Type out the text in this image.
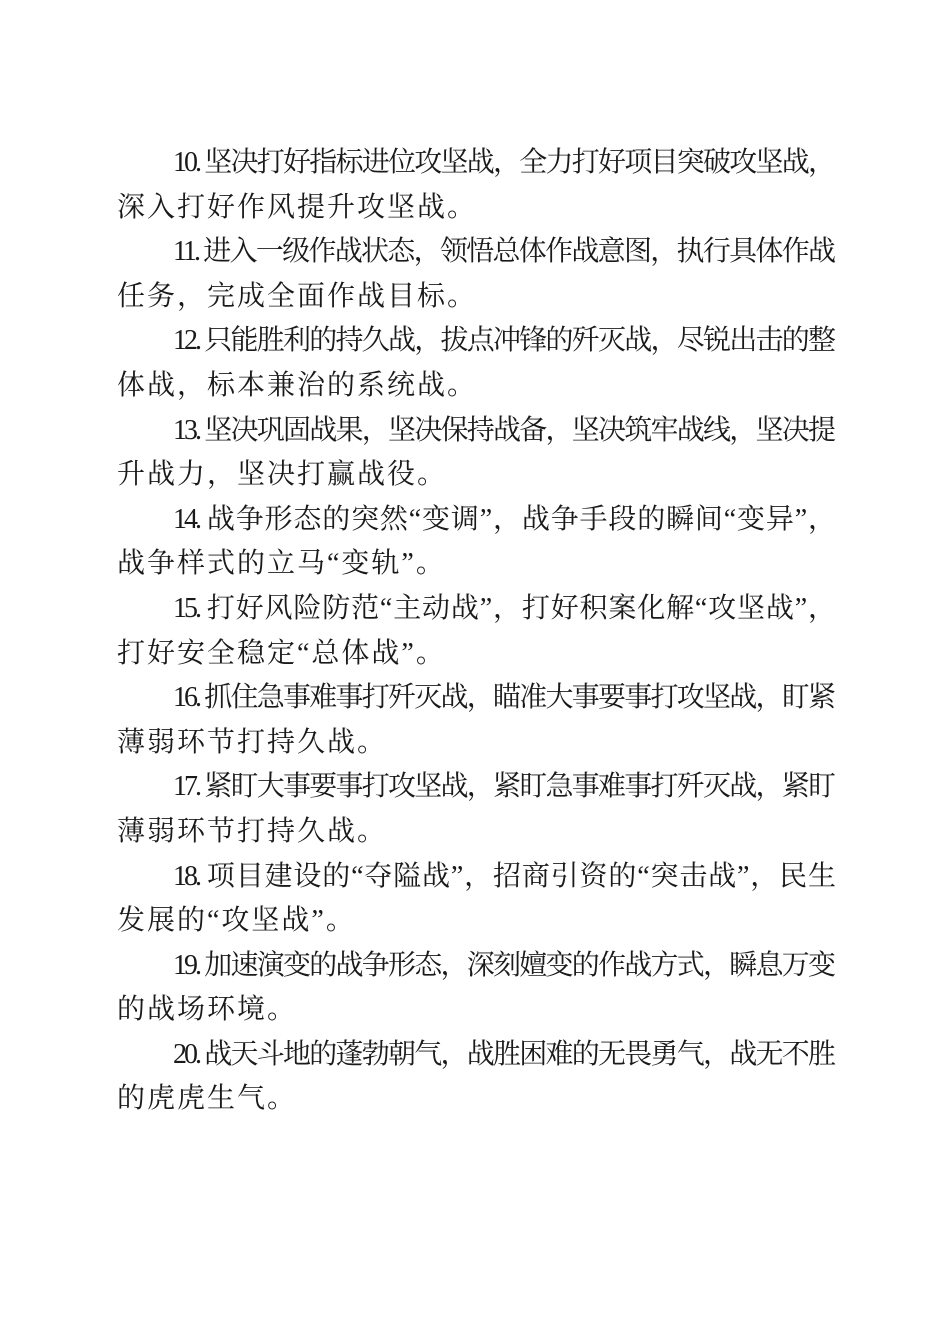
10. 坚决打好指标进位攻坚战，全力打好项目突破攻坚战，
深入打好作风提升攻坚战。

11. 进入一级作战状态，领悟总体作战意图，执行具体作战
任务，完成全面作战目标。

12. 只能胜利的持久战，拔点冲锋的歼灭战，尽锐出击的整
体战，标本兼治的系统战。

13. 坚决巩固战果，坚决保持战备，坚决筑牢战线，坚决提
升战力，坚决打赢战役。

14. 战争形态的突然“变调”，战争手段的瞬间“变异”，
战争样式的立马“变轨”。

15. 打好风险防范“主动战”，打好积案化解“攻坚战”，
打好安全稳定“总体战”。

16. 抓住急事难事打歼灭战，瞄准大事要事打攻坚战，盯紧
薄弱环节打持久战。

17. 紧盯大事要事打攻坚战，紧盯急事难事打歼灭战，紧盯
薄弱环节打持久战。

18. 项目建设的“夺隘战”，招商引资的“突击战”，民生
发展的“攻坚战”。

19. 加速演变的战争形态，深刻嬗变的作战方式，瞬息万变
的战场环境。

20. 战天斗地的蓬勃朝气，战胜困难的无畏勇气，战无不胜
的虎虎生气。
